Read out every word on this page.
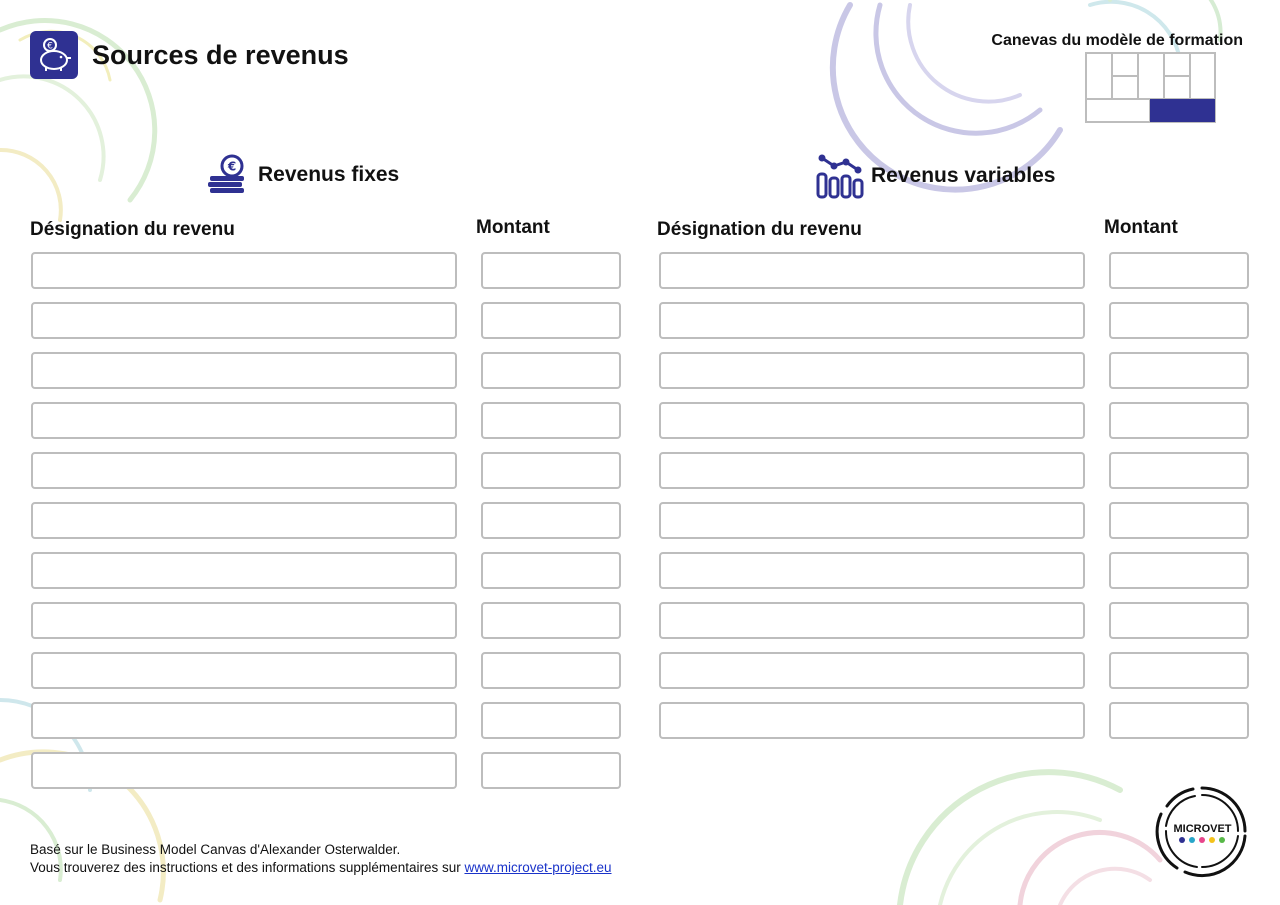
€ Sources de revenus	Canevas du modèle de formation
€ Revenus fixes	Revenus variables
Désignation du revenu	Montant	Désignation du revenu	Montant
Basé sur le Business Model Canvas d'Alexander Osterwalder.
Vous trouverez des instructions et des informations supplémentaires sur www.microvet-project.eu
MICROVET
